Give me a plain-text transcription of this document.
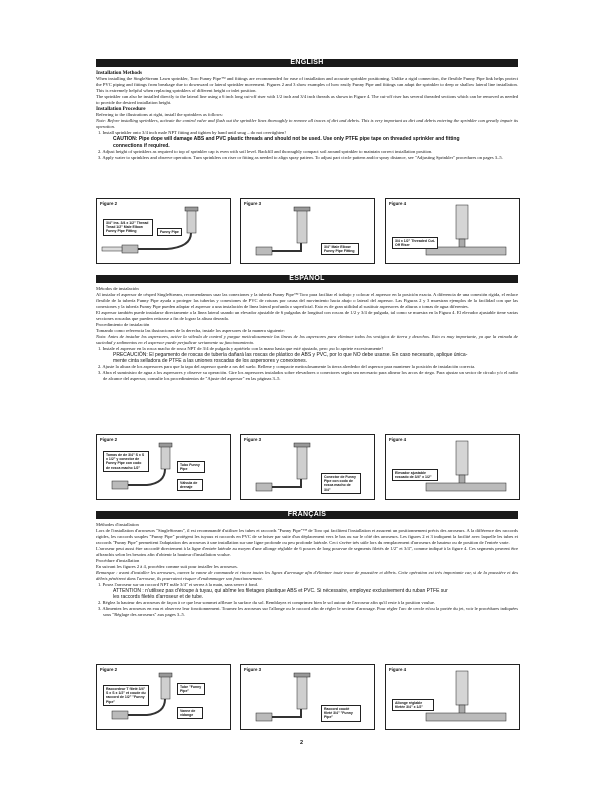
ENGLISH

Installation Methods

When installing the SingleStream Lawn sprinkler, Toro Funny Pipe™ and fittings are recommended for ease of installation and accurate sprinkler positioning. Unlike a rigid connection, the flexible Funny Pipe link helps protect the PVC piping and fittings from breakage due to downward or lateral sprinkler movement. Figures 2 and 3 show examples of how easily Funny Pipe and fittings can adapt the sprinkler to deep or shallow lateral line installation. This is extremely helpful when replacing sprinklers of different height or inlet position.

The sprinkler can also be installed directly to the lateral line using a 6 inch long cut-off riser with 1/2 inch and 3/4 inch threads as shown in Figure 4. The cut-off riser has several threaded sections which can be removed as needed to provide the desired installation height.

Installation Procedure

Referring to the illustrations at right, install the sprinklers as follows:

Note: Before installing sprinklers, activate the control valve and flush out the sprinkler lines thoroughly to remove all traces of dirt and debris. This is very important as dirt and debris entering the sprinkler can greatly impair its operation.

1. Install sprinkler onto 3/4 inch male NPT fitting and tighten by hand until snug – do not overtighten!

CAUTION: Pipe dope will damage ABS and PVC plastic threads and should not be used. Use only PTFE pipe tape on threaded sprinkler and fitting

connections if required.

2. Adjust height of sprinklers as required to top of sprinkler cap is even with soil level. Backfill and thoroughly compact soil around sprinkler to maintain correct installation position.

3. Apply water to sprinklers and observe operation. Turn sprinklers on riser or fitting as needed to align spray pattern. To adjust part circle pattern and/or spray distance, see "Adjusting Sprinkler" procedures on pages 3–5.

Figure 2
3/4" ins. 3/4 x 1/2" Thread Tread 1/2" Male Elbow Funny Pipe Fitting	Funny Pipe
Figure 3
3/4" Male Elbow Funny Pipe Fitting
Figure 4
3/4 x 1/2" Threaded Cut-Off Riser
ESPAÑOL

Métodos de instalación

Al instalar el aspersor de césped SingleStream, recomendamos usar las conexiones y la tubería Funny Pipe™ Toro para facilitar el trabajo y colocar el aspersor en la posición exacta. A diferencia de una conexión rígida, el enlace flexible de la tubería Funny Pipe ayuda a proteger las tuberías y conexiones de PVC de roturas por causa del movimiento hacia abajo o lateral del aspersor. Las Figuras 2 y 3 muestran ejemplos de la facilidad con que las conexiones y la tubería Funny Pipe pueden adaptar el aspersor a una instalación de línea lateral profunda o superficial. Esto es de gran utilidad al sustituir aspersores de alturas o tomas de agua diferentes.

El aspersor también puede instalarse directamente a la línea lateral usando un elevador ajustable de 6 pulgadas de longitud con roscas de 1/2 y 3/4 de pulgada, tal como se muestra en la Figura 4. El elevador ajustable tiene varias secciones roscadas que pueden retirarse a fin de lograr la altura deseada.

Procedimiento de instalación

Tomando como referencia las ilustraciones de la derecha, instale los aspersores de la manera siguiente:

Nota: Antes de instalar los aspersores, active la válvula de control y purgue meticulosamente las líneas de los aspersores para eliminar todos los vestigios de tierra y desechos. Esto es muy importante, ya que la entrada de suciedad y sedimentos en el aspersor puede perjudicar seriamente su funcionamiento.

1. Instale el aspersor en la rosca macho de rosca NPT de 3/4 de pulgada y apriételo con la mano hasta que esté ajustado, pero ¡no lo apriete excesivamente!

PRECAUCIÓN: El pegamento de roscas de tubería dañará las roscas de plástico de ABS y PVC, por lo que NO debe usarse. En caso necesario, aplique única-

mente cinta selladora de PTFE a las uniones roscadas de los aspersores y conexiones.

2. Ajuste la altura de los aspersores para que la tapa del aspersor quede a ras del suelo. Rellene y compacte meticulosamente la tierra alrededor del aspersor para mantener la posición de instalación correcta.

3. Abra el suministro de agua a los aspersores y observe su operación. Gire los aspersores instalados sobre elevadores o conectores según sea necesario para alinear los arcos de riego. Para ajustar un sector de círculo y/o el radio de alcance del aspersor, consulte los procedimientos de "Ajuste del aspersor" en las páginas 3–5.

Figure 2
Tomas de de 3/4" S x S x 1/2" y conector de Funny Pipe con codo de rosca macho 1/2"
Tubo Funny Pipe
Válvula de drenaje
Figure 3
Conector de Funny Pipe con codo de rosca macho de 3/4"
Figure 4
Elevador ajustable roscado de 3/4" x 1/2"
FRANÇAIS

Méthodes d'installation

Lors de l'installation d'arroseurs "SingleStream", il est recommandé d'utiliser les tubes et raccords "Funny Pipe"™ de Toro qui facilitent l'installation et assurent un positionnement précis des arroseurs. A la différence des raccords rigides, les raccords souples "Funny Pipe" protègent les tuyaux et raccords en PVC de se briser par suite d'un déplacement vers le bas ou sur le côté des arroseurs. Les figures 2 et 3 indiquent la facilité avec laquelle les tubes et raccords "Funny Pipe" permettent l'adaptation des arroseurs à une installation sur une ligne profonde ou peu profonde latérale. Ceci s'avère très utile lors du remplacement d'arroseurs de hauteur ou de position de l'entrée varie.

L'arroseur peut aussi être raccordé directement à la ligne d'entrée latérale au moyen d'une allonge réglable de 6 pouces de long pourvue de segments filetés de 1/2" et 3/4", comme indiqué à la figure 4. Ces segments peuvent être affranchis selon les besoins afin d'obtenir la hauteur d'installation voulue.

Procédure d'installation

En suivant les figures 2 à 4, procédez comme suit pour installer les arroseurs.

Remarque : avant d'installer les arroseurs, ouvrez la vanne de commande et rincez toutes les lignes d'arrosage afin d'éliminer toute trace de poussière et débris. Cette opération est très importante car, si de la poussière et des débris pénètrent dans l'arroseur, ils pourraient risquer d'endommager son fonctionnement.

1. Posez l'arroseur sur un raccord NPT mâle 3/4" et serrez à la main, sans serrer à fond.

ATTENTION : n'utilisez pas d'étoupe à tuyau, qui abîme les filetages plastique ABS et PVC. Si nécessaire, employez exclusivement du ruban PTFE sur

les raccords filetés d'arroseur et de tube.

2. Réglez la hauteur des arroseurs de façon à ce que leur sommet affleure la surface du sol. Remblayez et comprimez bien le sol autour de l'arroseur afin qu'il reste à la position voulue.

3. Alimentez les arroseurs en eau et observez leur fonctionnement. Tournez les arroseurs sur l'allonge ou le raccord afin de régler le secteur d'arrosage. Pour régler l'arc de cercle et/ou la portée du jet, voir le procédures indiquées sous "Réglage des arroseurs" aux pages 3–5.

Figure 2
Raccordeur T fileté 3/4" S x S x 1/2" et coude du raccord de 1/2" "Funny Pipe"
Tube "Funny Pipe"
Vanne de vidange
Figure 3
Raccord coudé fileté 3/4" "Funny Pipe"
Figure 4
Allonge réglable filetée 3/4" x 1/2"
2
